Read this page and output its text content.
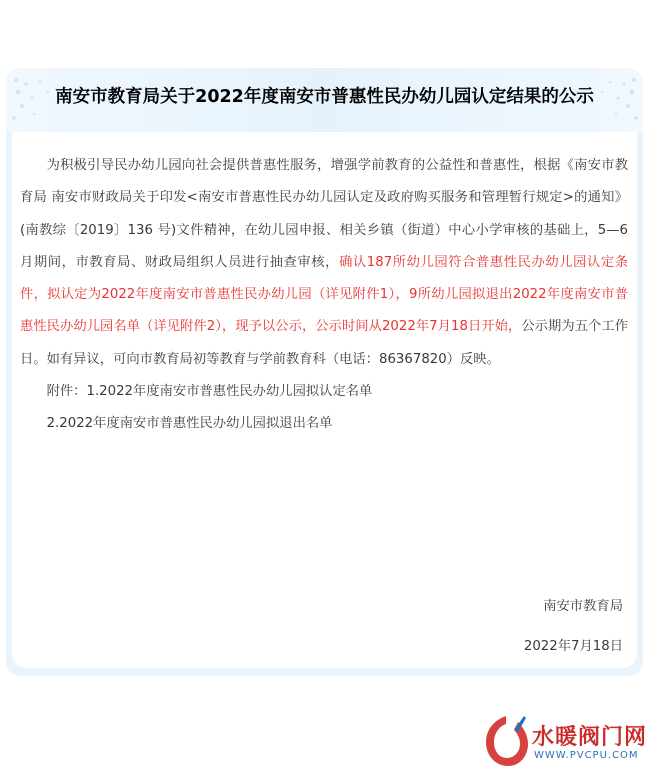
南安市教育局关于2022年度南安市普惠性民办幼儿园认定结果的公示

为积极引导民办幼儿园向社会提供普惠性服务，增强学前教育的公益性和普惠性，根据《南安市教育局 南安市财政局关于印发<南安市普惠性民办幼儿园认定及政府购买服务和管理暂行规定>的通知》(南教综〔2019〕136 号)文件精神，在幼儿园申报、相关乡镇（街道）中心小学审核的基础上，5—6月期间，市教育局、财政局组织人员进行抽查审核，确认187所幼儿园符合普惠性民办幼儿园认定条件，拟认定为2022年度南安市普惠性民办幼儿园（详见附件1），9所幼儿园拟退出2022年度南安市普惠性民办幼儿园名单（详见附件2），现予以公示，公示时间从2022年7月18日开始，公示期为五个工作日。如有异议，可向市教育局初等教育与学前教育科（电话：86367820）反映。

附件：1.2022年度南安市普惠性民办幼儿园拟认定名单

2.2022年度南安市普惠性民办幼儿园拟退出名单

南安市教育局
2022年7月18日
水暖阀门网
WWW.PVCPU.COM
